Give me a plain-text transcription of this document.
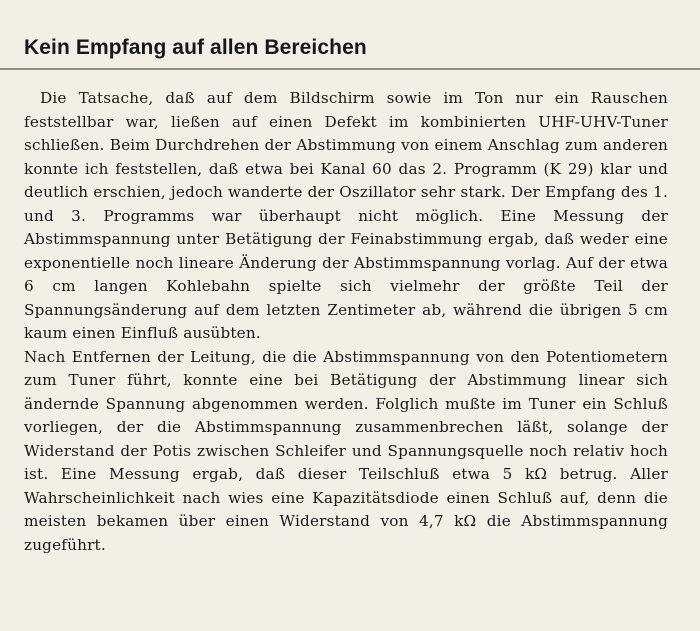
Kein Empfang auf allen Bereichen

Die Tatsache, daß auf dem Bildschirm sowie im Ton nur ein Rauschen feststellbar war, ließen auf einen Defekt im kombinierten UHF-UHV-Tuner schließen. Beim Durchdrehen der Abstimmung von einem Anschlag zum anderen konnte ich feststellen, daß etwa bei Kanal 60 das 2. Programm (K 29) klar und deutlich erschien, jedoch wanderte der Oszillator sehr stark. Der Empfang des 1. und 3. Programms war überhaupt nicht möglich. Eine Messung der Abstimmspannung unter Betätigung der Feinabstimmung ergab, daß weder eine exponentielle noch lineare Änderung der Abstimmspannung vorlag. Auf der etwa 6 cm langen Kohlebahn spielte sich vielmehr der größte Teil der Spannungsänderung auf dem letzten Zentimeter ab, während die übrigen 5 cm kaum einen Einfluß ausübten.

Nach Entfernen der Leitung, die die Abstimmspannung von den Potentiometern zum Tuner führt, konnte eine bei Betätigung der Abstimmung linear sich ändernde Spannung abgenommen werden. Folglich mußte im Tuner ein Schluß vorliegen, der die Abstimmspannung zusammenbrechen läßt, solange der Widerstand der Potis zwischen Schleifer und Spannungsquelle noch relativ hoch ist. Eine Messung ergab, daß dieser Teilschluß etwa 5 kΩ betrug. Aller Wahrscheinlichkeit nach wies eine Kapazitätsdiode einen Schluß auf, denn die meisten bekamen über einen Widerstand von 4,7 kΩ die Abstimmspannung zugeführt.
